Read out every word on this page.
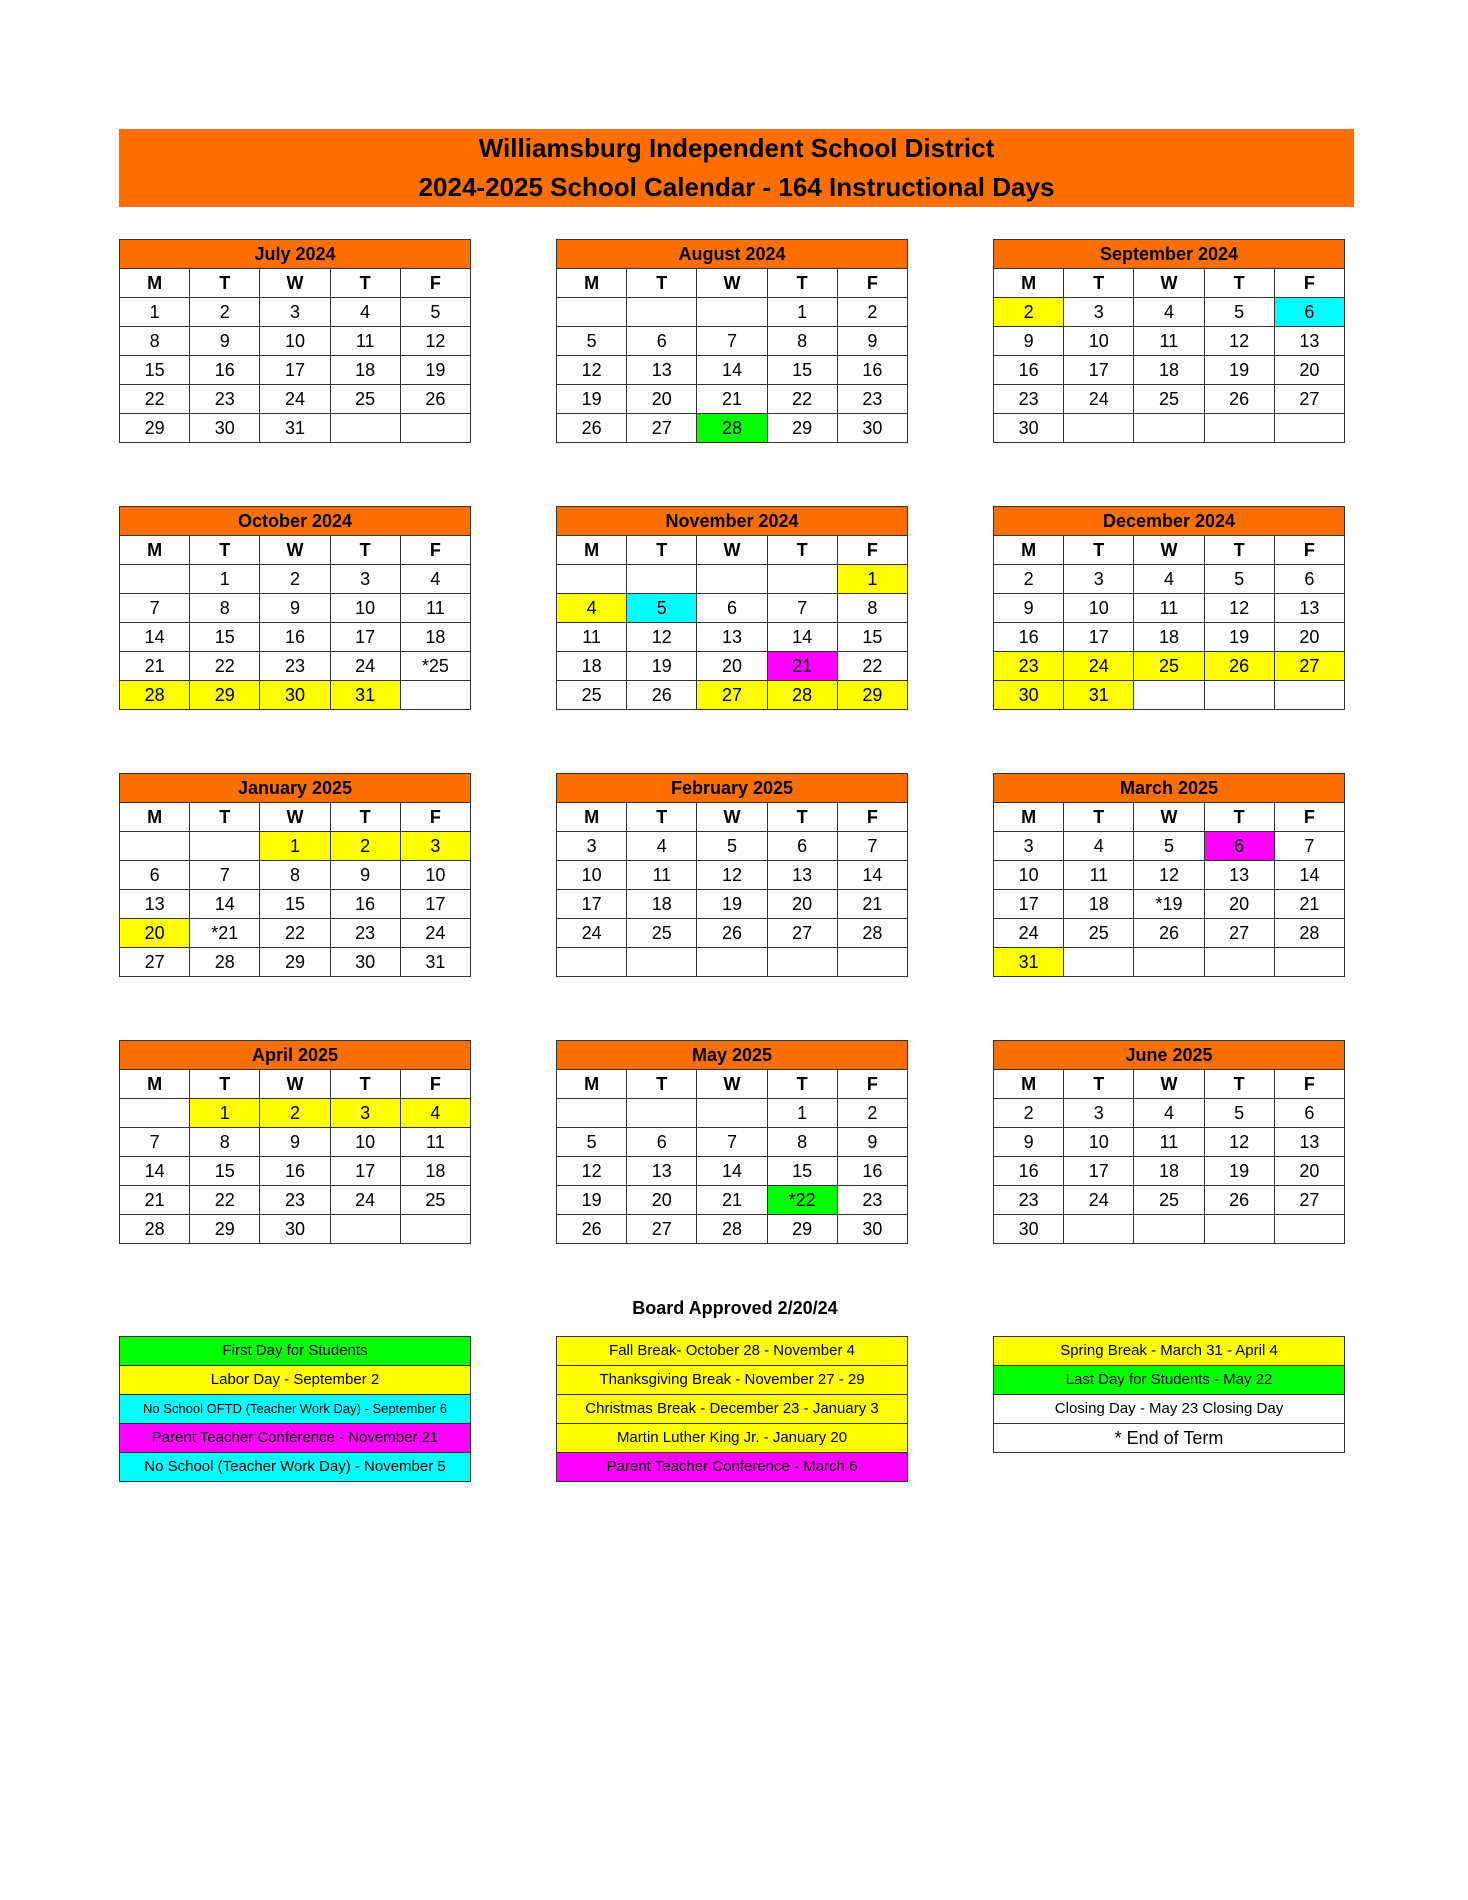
Williamsburg Independent School District
2024-2025 School Calendar - 164 Instructional Days
July 2024				
M	T	W	T	F
1	2	3	4	5
8	9	10	11	12
15	16	17	18	19
22	23	24	25	26
29	30	31		
August 2024				
M	T	W	T	F
			1	2
5	6	7	8	9
12	13	14	15	16
19	20	21	22	23
26	27	28	29	30
September 2024				
M	T	W	T	F
2	3	4	5	6
9	10	11	12	13
16	17	18	19	20
23	24	25	26	27
30				
October 2024				
M	T	W	T	F
	1	2	3	4
7	8	9	10	11
14	15	16	17	18
21	22	23	24	*25
28	29	30	31	
November 2024				
M	T	W	T	F
				1
4	5	6	7	8
11	12	13	14	15
18	19	20	21	22
25	26	27	28	29
December 2024				
M	T	W	T	F
2	3	4	5	6
9	10	11	12	13
16	17	18	19	20
23	24	25	26	27
30	31			
January 2025				
M	T	W	T	F
		1	2	3
6	7	8	9	10
13	14	15	16	17
20	*21	22	23	24
27	28	29	30	31
February 2025				
M	T	W	T	F
3	4	5	6	7
10	11	12	13	14
17	18	19	20	21
24	25	26	27	28

March 2025				
M	T	W	T	F
3	4	5	6	7
10	11	12	13	14
17	18	*19	20	21
24	25	26	27	28
31				
April 2025				
M	T	W	T	F
	1	2	3	4
7	8	9	10	11
14	15	16	17	18
21	22	23	24	25
28	29	30		
May 2025				
M	T	W	T	F
			1	2
5	6	7	8	9
12	13	14	15	16
19	20	21	*22	23
26	27	28	29	30
June 2025				
M	T	W	T	F
2	3	4	5	6
9	10	11	12	13
16	17	18	19	20
23	24	25	26	27
30				
Board Approved 2/20/24
First Day for Students
Labor Day - September 2
No School OFTD (Teacher Work Day) - September 6
Parent Teacher Conference - November 21
No School (Teacher Work Day) - November 5
Fall Break- October 28 - November 4
Thanksgiving Break - November 27 - 29
Christmas Break - December 23 - January 3
Martin Luther King Jr. - January 20
Parent Teacher Conference - March 6
Spring Break - March 31 - April 4
Last Day for Students - May 22
Closing Day - May 23 Closing Day
* End of Term
